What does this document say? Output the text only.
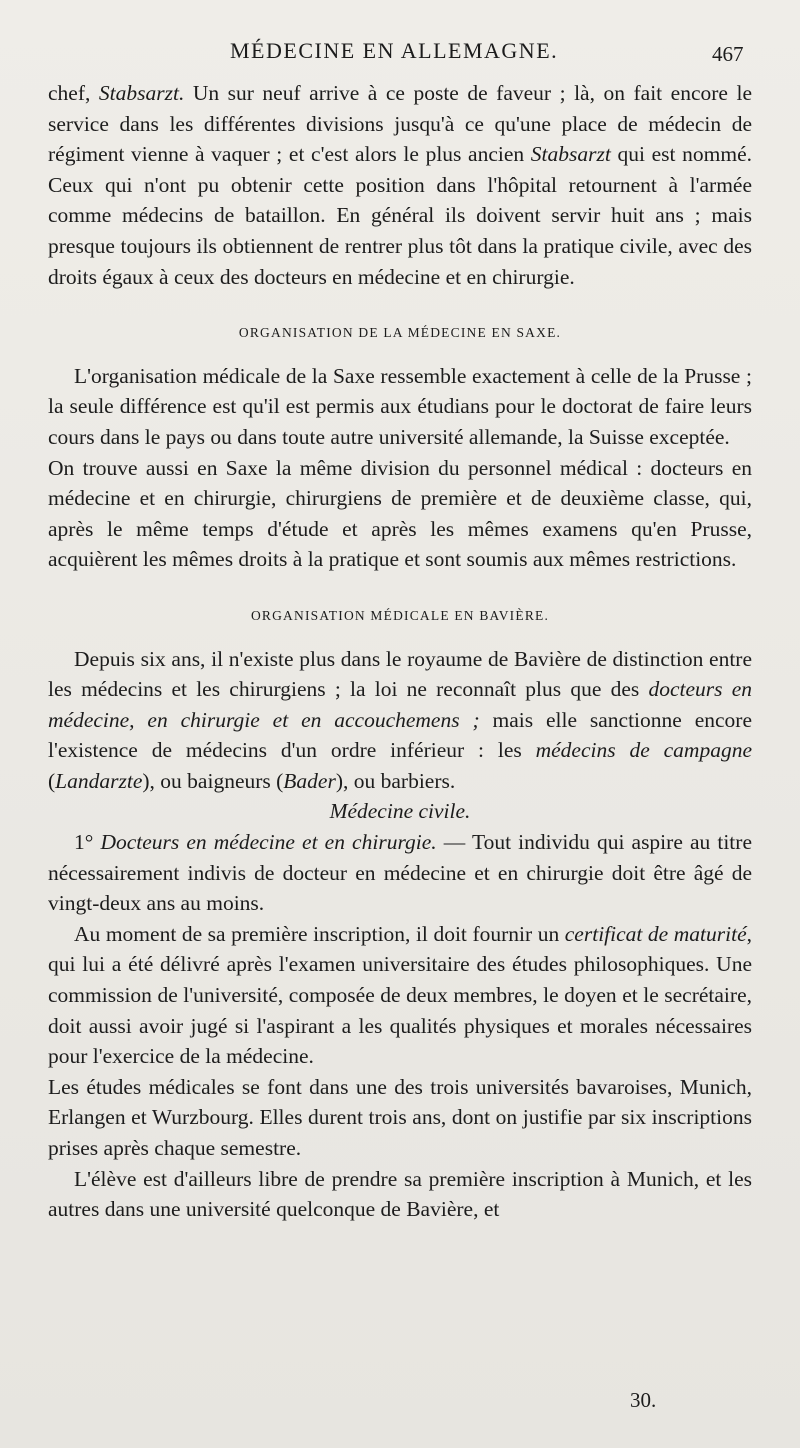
MÉDECINE EN ALLEMAGNE.	467

chef, Stabsarzt. Un sur neuf arrive à ce poste de faveur ; là, on fait encore le service dans les différentes divisions jusqu'à ce qu'une place de médecin de régiment vienne à vaquer ; et c'est alors le plus ancien Stabsarzt qui est nommé. Ceux qui n'ont pu obtenir cette position dans l'hôpital retournent à l'armée comme médecins de bataillon. En général ils doivent servir huit ans ; mais presque toujours ils obtiennent de rentrer plus tôt dans la pratique civile, avec des droits égaux à ceux des docteurs en médecine et en chirurgie.

ORGANISATION DE LA MÉDECINE EN SAXE.

L'organisation médicale de la Saxe ressemble exactement à celle de la Prusse ; la seule différence est qu'il est permis aux étudians pour le doctorat de faire leurs cours dans le pays ou dans toute autre université allemande, la Suisse exceptée.

On trouve aussi en Saxe la même division du personnel médical : docteurs en médecine et en chirurgie, chirurgiens de première et de deuxième classe, qui, après le même temps d'étude et après les mêmes examens qu'en Prusse, acquièrent les mêmes droits à la pratique et sont soumis aux mêmes restrictions.

ORGANISATION MÉDICALE EN BAVIÈRE.

Depuis six ans, il n'existe plus dans le royaume de Bavière de distinction entre les médecins et les chirurgiens ; la loi ne reconnaît plus que des docteurs en médecine, en chirurgie et en accouchemens ; mais elle sanctionne encore l'existence de médecins d'un ordre inférieur : les médecins de campagne (Landarzte), ou baigneurs (Bader), ou barbiers.

Médecine civile.

1° Docteurs en médecine et en chirurgie. — Tout individu qui aspire au titre nécessairement indivis de docteur en médecine et en chirurgie doit être âgé de vingt-deux ans au moins.

Au moment de sa première inscription, il doit fournir un certificat de maturité, qui lui a été délivré après l'examen universitaire des études philosophiques. Une commission de l'université, composée de deux membres, le doyen et le secrétaire, doit aussi avoir jugé si l'aspirant a les qualités physiques et morales nécessaires pour l'exercice de la médecine.

Les études médicales se font dans une des trois universités bavaroises, Munich, Erlangen et Wurzbourg. Elles durent trois ans, dont on justifie par six inscriptions prises après chaque semestre.

L'élève est d'ailleurs libre de prendre sa première inscription à Munich, et les autres dans une université quelconque de Bavière, et

30.
